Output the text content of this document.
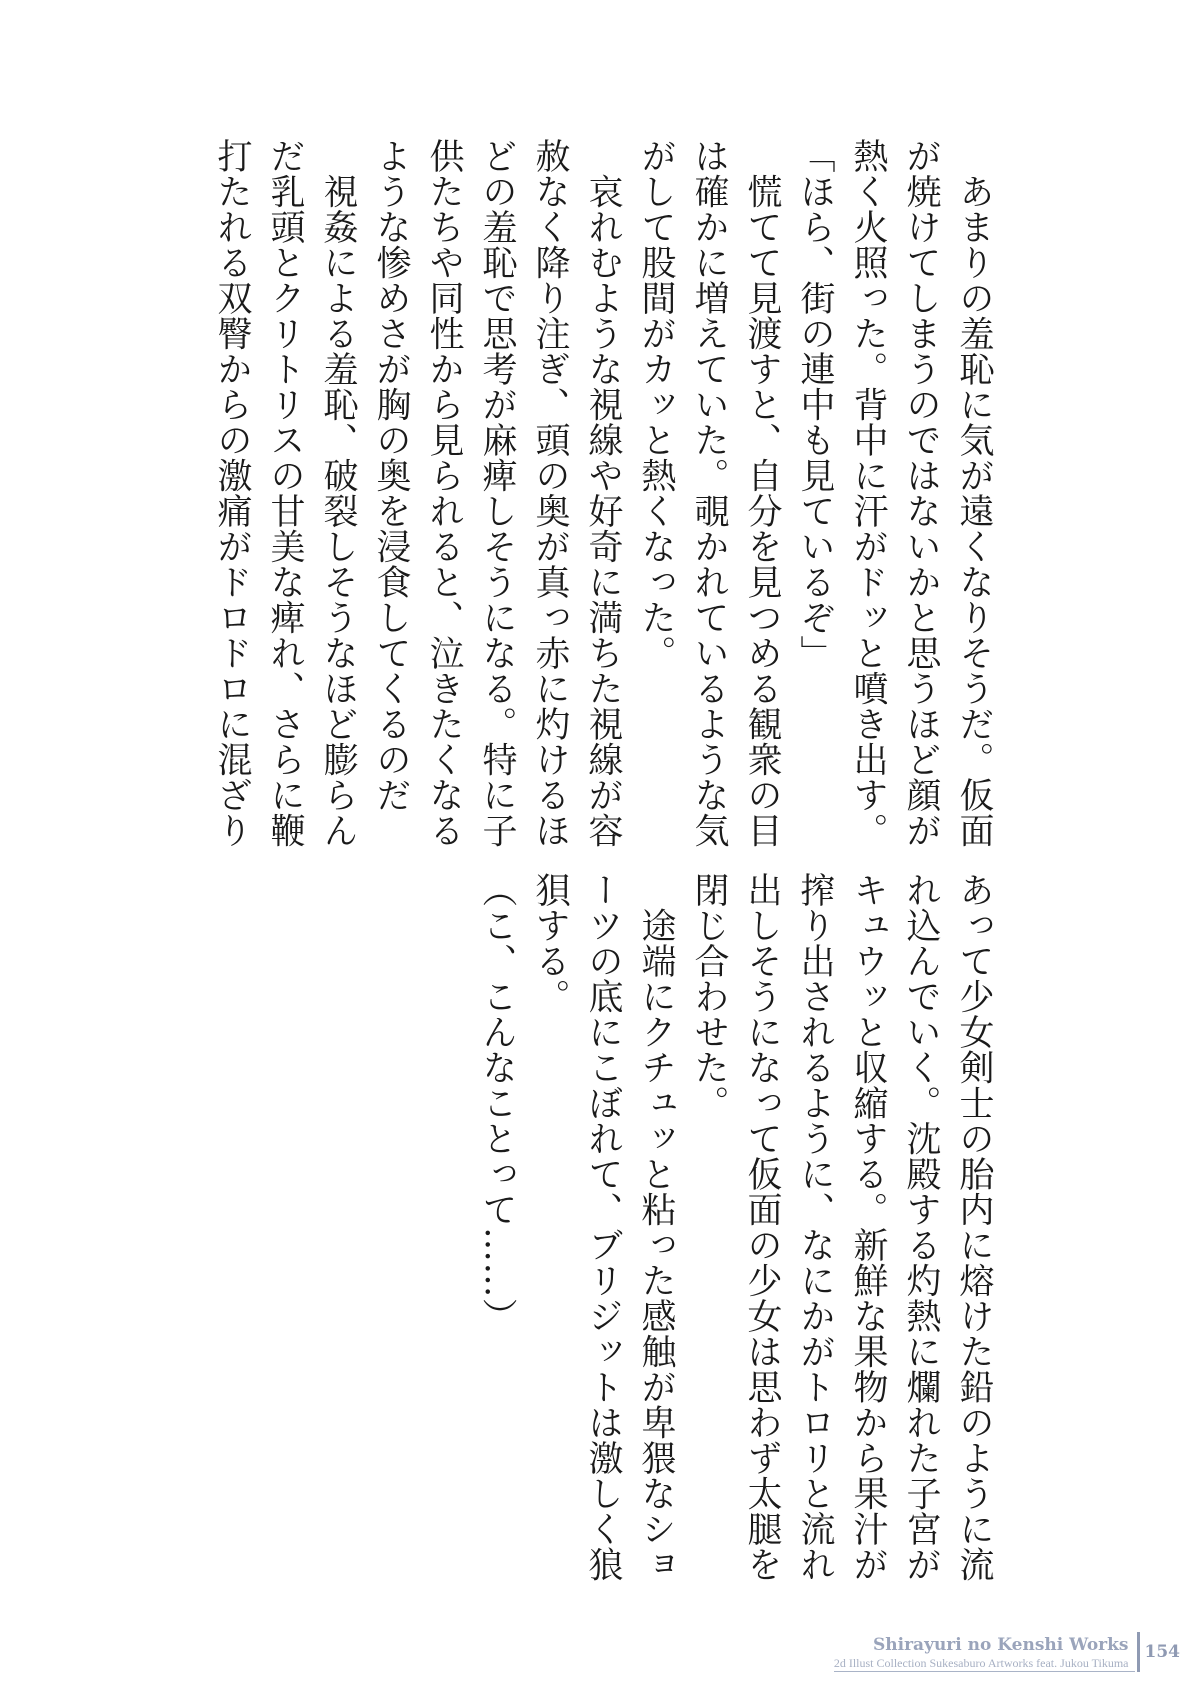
　あまりの羞恥に気が遠くなりそうだ。仮面
が焼けてしまうのではないかと思うほど顔が
熱く火照った。背中に汗がドッと噴き出す。
「ほら、街の連中も見ているぞ」
　慌てて見渡すと、自分を見つめる観衆の目
は確かに増えていた。覗かれているような気
がして股間がカッと熱くなった。
　哀れむような視線や好奇に満ちた視線が容
赦なく降り注ぎ、頭の奥が真っ赤に灼けるほ
どの羞恥で思考が麻痺しそうになる。特に子
供たちや同性から見られると、泣きたくなる
ような惨めさが胸の奥を浸食してくるのだ
　視姦による羞恥、破裂しそうなほど膨らん
だ乳頭とクリトリスの甘美な痺れ、さらに鞭
打たれる双臀からの激痛がドロドロに混ざり
あって少女剣士の胎内に熔けた鉛のように流
れ込んでいく。沈殿する灼熱に爛れた子宮が
キュウッと収縮する。新鮮な果物から果汁が
搾り出されるように、なにかがトロリと流れ
出しそうになって仮面の少女は思わず太腿を
閉じ合わせた。
　途端にクチュッと粘った感触が卑猥なショ
ーツの底にこぼれて、ブリジットは激しく狼
狽する。
（こ、こんなことって……）
Shirayuri no Kenshi Works
2d Illust Collection Sukesaburo Artworks feat. Jukou Tikuma
154
